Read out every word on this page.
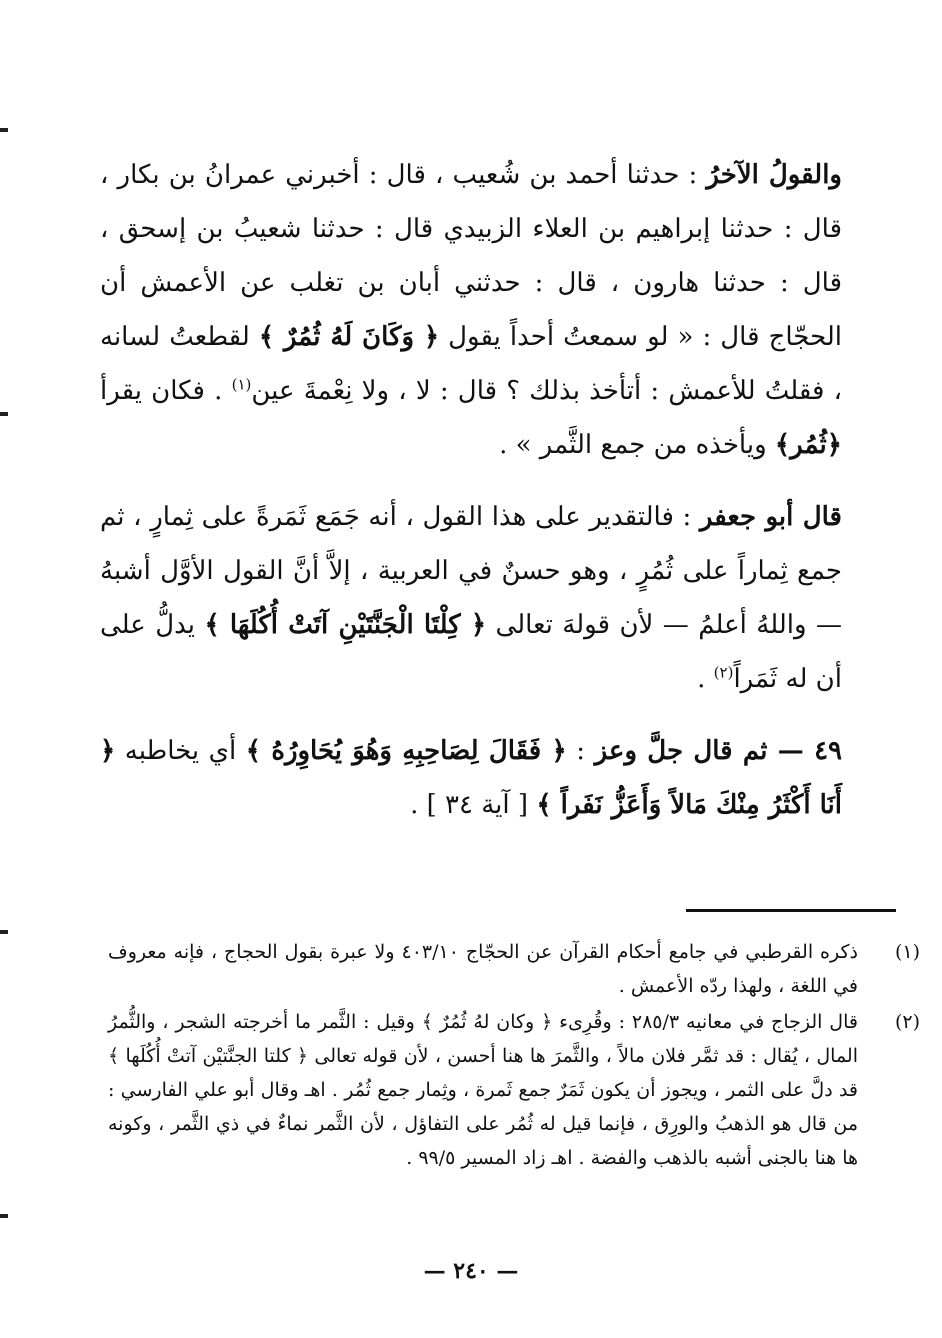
والقولُ الآخرُ : حدثنا أحمد بن شُعيب ، قال : أخبرني عمرانُ بن بكار ، قال : حدثنا إبراهيم بن العلاء الزبيدي قال : حدثنا شعيبُ بن إسحق ، قال : حدثنا هارون ، قال : حدثني أبان بن تغلب عن الأعمش أن الحجّاج قال : « لو سمعتُ أحداً يقول ﴿ وَكَانَ لَهُ ثُمُرٌ ﴾ لقطعتُ لسانه ، فقلتُ للأعمش : أتأخذ بذلك ؟ قال : لا ، ولا نِعْمةَ عين$^{(١)}$ . فكان يقرأ ﴿ثُمُر﴾ ويأخذه من جمع الثَّمر » .

قال أبو جعفر : فالتقدير على هذا القول ، أنه جَمَع ثَمَرةً على ثِمارٍ ، ثم جمع ثِماراً على ثُمُرٍ ، وهو حسنٌ في العربية ، إلاَّ أنَّ القول الأوَّل أشبهُ — واللهُ أعلمُ — لأن قولهَ تعالى ﴿ كِلْتَا الْجَنَّتَيْنِ آتَتْ أُكُلَهَا ﴾ يدلُّ على أن له ثَمَراً$^{(٢)}$ .

٤٩ — ثم قال جلَّ وعز : ﴿ فَقَالَ لِصَاحِبِهِ وَهُوَ يُحَاوِرُهُ ﴾ أي يخاطبه ﴿ أَنَا أَكْثَرُ مِنْكَ مَالاً وَأَعَزُّ نَفَراً ﴾ [ آية ٣٤ ] .

(١)
ذكره القرطبي في جامع أحكام القرآن عن الحجّاج ٤٠٣/١٠ ولا عبرة بقول الحجاج ، فإنه معروف في اللغة ، ولهذا ردّه الأعمش .

(٢)
قال الزجاج في معانيه ٢٨٥/٣ : وقُرِىء ﴿ وكان لهُ ثُمُرٌ ﴾ وقيل : الثَّمر ما أخرجته الشجر ، والثُّمرُ المال ، يُقال : قد ثمَّر فلان مالاً ، والثَّمرَ ها هنا أحسن ، لأن قوله تعالى ﴿ كلتا الجنَّتيْن آتتْ أُكُلَها ﴾ قد دلَّ على الثمر ، ويجوز أن يكون ثَمَرٌ جمع ثَمرة ، وثِمار جمع ثُمُر . اهـ وقال أبو علي الفارسي : من قال هو الذهبُ والورِق ، فإنما قيل له ثُمُر على التفاؤل ، لأن الثَّمر نماءٌ في ذي الثَّمر ، وكونه ها هنا بالجنى أشبه بالذهب والفضة . اهـ زاد المسير ٩٩/٥ .

— ٢٤٠ —
